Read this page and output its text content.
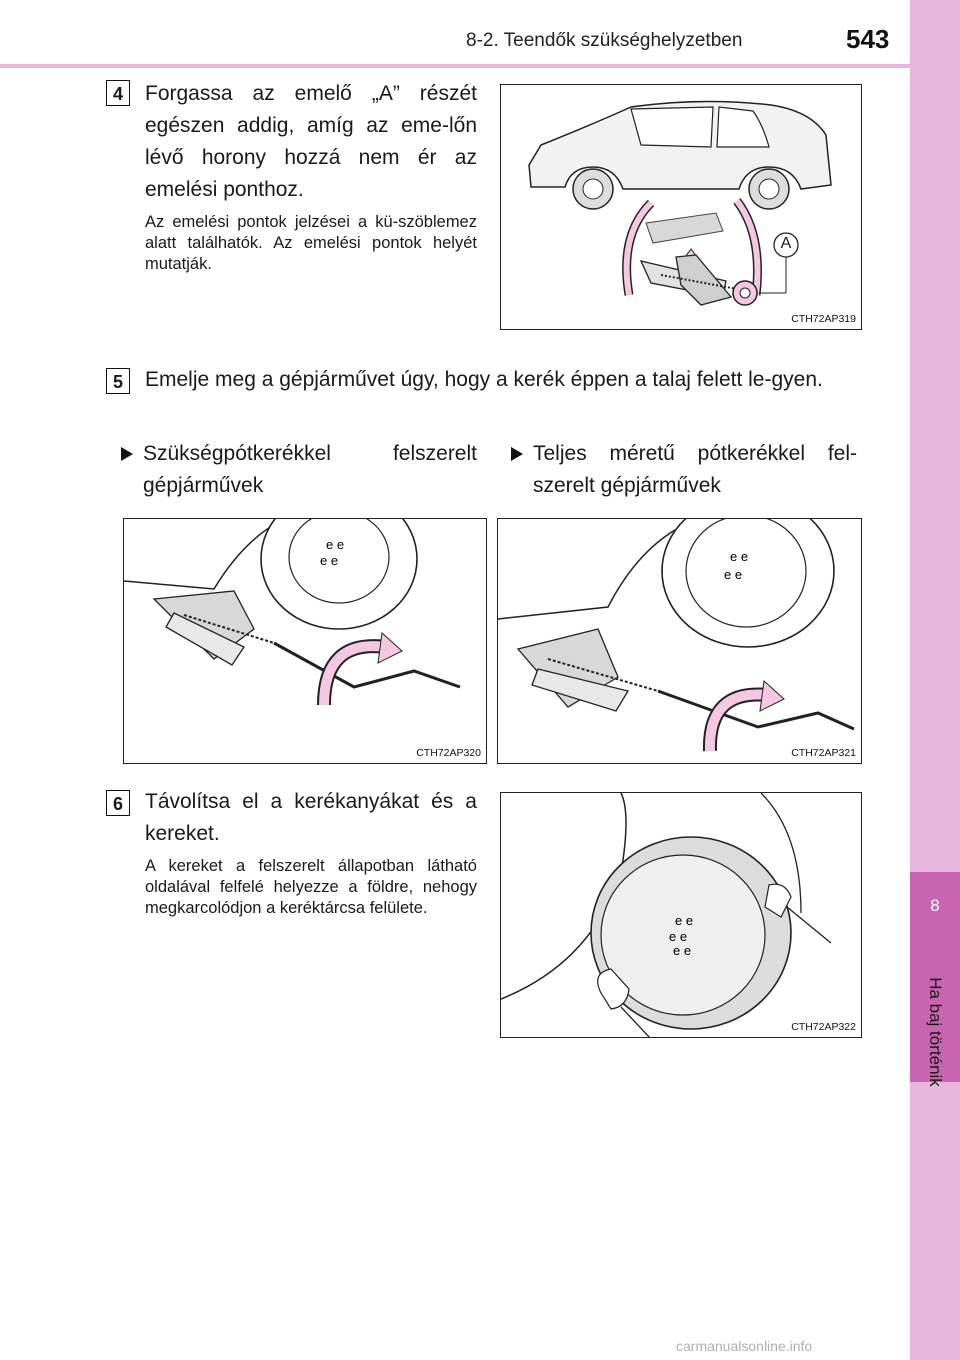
8-2. Teendők szükséghelyzetben	543
8
Ha baj történik
4	Forgassa az emelő „A” részét egészen addig, amíg az eme-lőn lévő horony hozzá nem ér az emelési ponthoz.
Az emelési pontok jelzései a kü-szöblemez alatt találhatók. Az emelési pontok helyét mutatják.
A
CTH72AP319
5	Emelje meg a gépjárművet úgy, hogy a kerék éppen a talaj felett le-gyen.
Szükségpótkerékkel felszerelt gépjárművek
Teljes méretű pótkerékkel fel-szerelt gépjárművek
e e
e e
CTH72AP320
e e
e e
CTH72AP321
6	Távolítsa el a kerékanyákat és a kereket.
A kereket a felszerelt állapotban látható oldalával felfelé helyezze a földre, nehogy megkarcolódjon a keréktárcsa felülete.
e e
e e
e e
CTH72AP322
carmanualsonline.info
